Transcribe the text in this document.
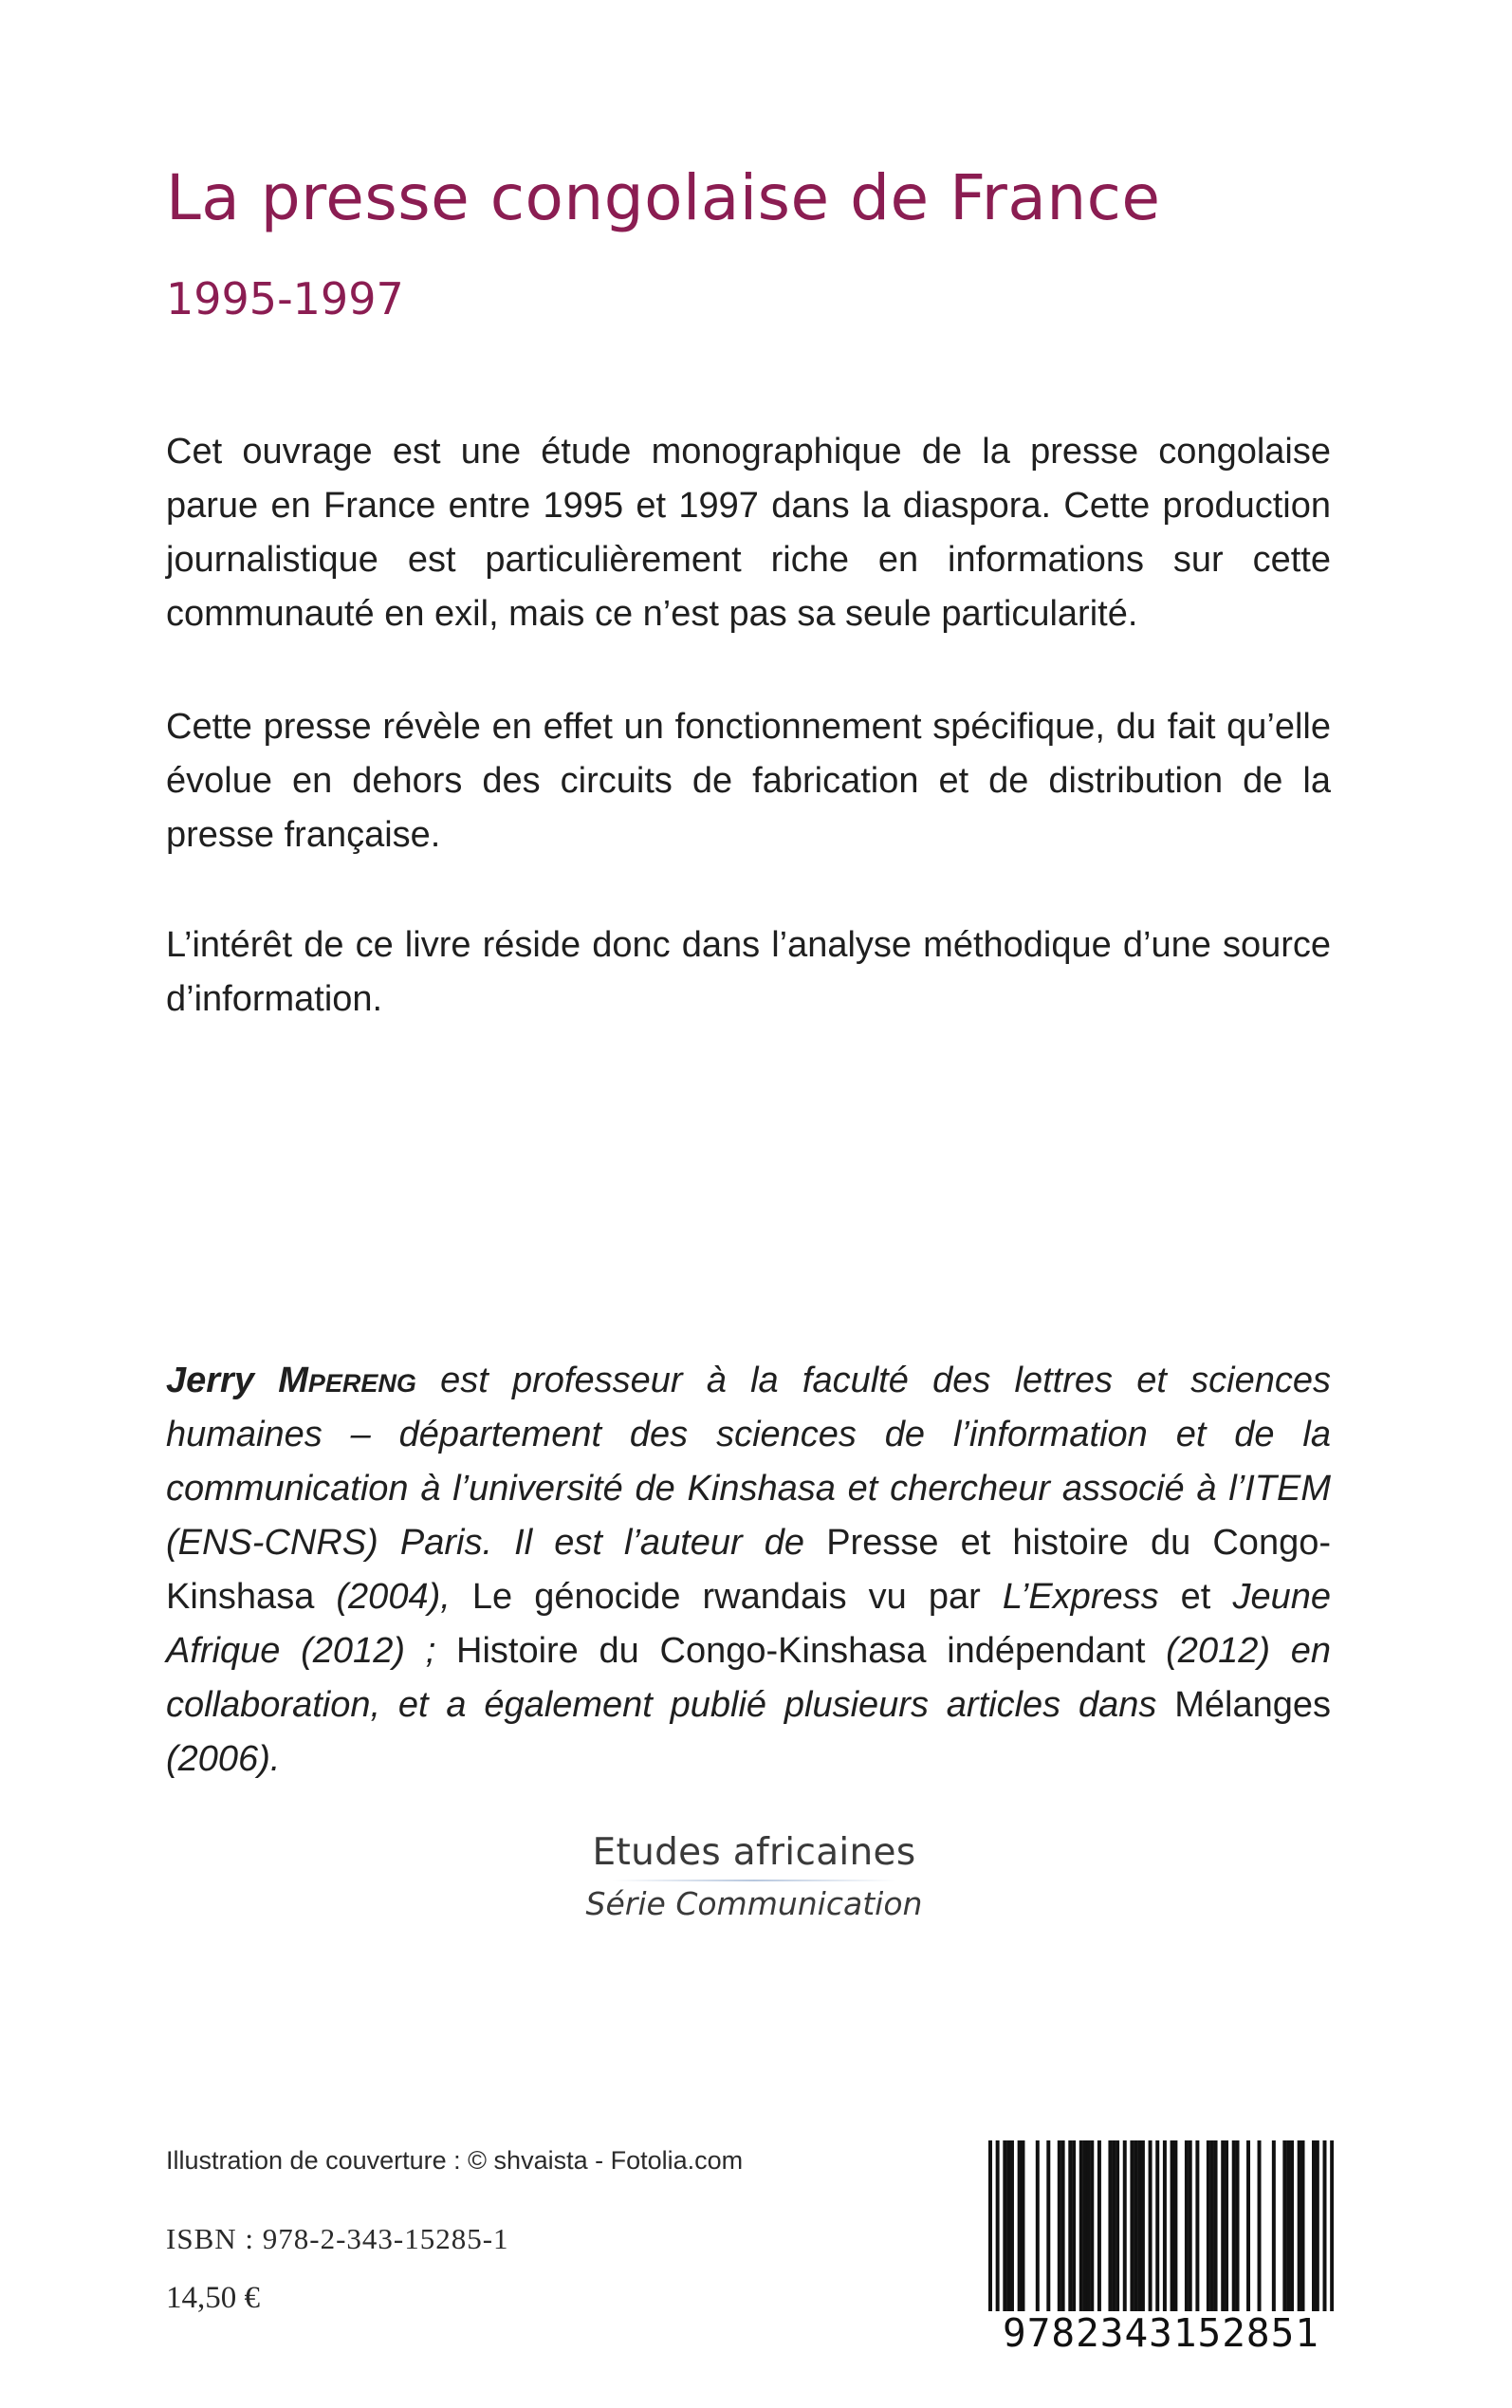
La presse congolaise de France
1995-1997

Cet ouvrage est une étude monographique de la presse congolaise parue en France entre 1995 et 1997 dans la diaspora. Cette production journalistique est particulièrement riche en informations sur cette communauté en exil, mais ce n’est pas sa seule particularité.

Cette presse révèle en effet un fonctionnement spécifique, du fait qu’elle évolue en dehors des circuits de fabrication et de distribution de la presse française.

L’intérêt de ce livre réside donc dans l’analyse méthodique d’une source d’information.

Jerry Mpereng est professeur à la faculté des lettres et sciences humaines – département des sciences de l’information et de la communication à l’université de Kinshasa et chercheur associé à l’ITEM (ENS-CNRS) Paris. Il est l’auteur de Presse et histoire du Congo-Kinshasa (2004), Le génocide rwandais vu par L’Express et Jeune Afrique (2012) ; Histoire du Congo-Kinshasa indépendant (2012) en collaboration, et a également publié plusieurs articles dans Mélanges (2006).

Etudes africaines
Série Communication
Illustration de couverture : © shvaista - Fotolia.com
ISBN : 978-2-343-15285-1
14,50 €
9782343152851
